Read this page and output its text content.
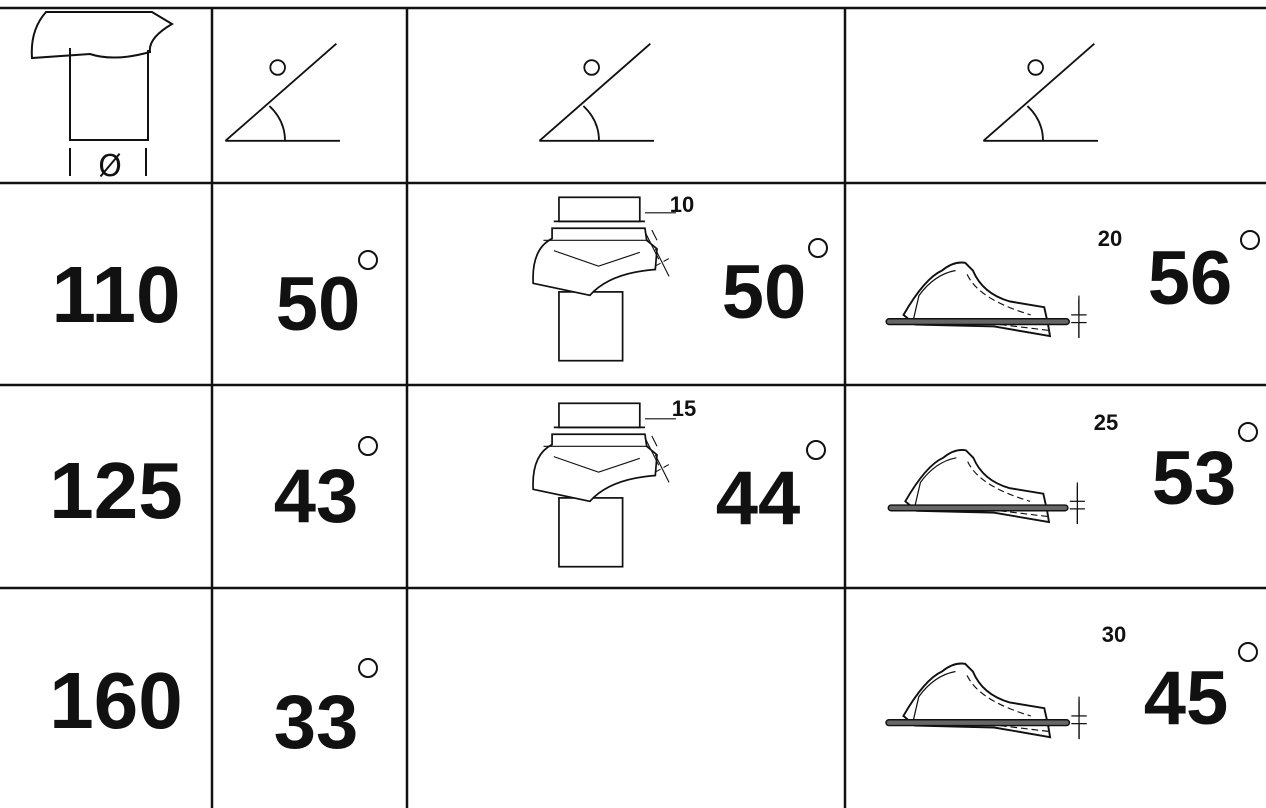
Ø
110 50
10
50
20 56
125 43
15
44
25
53
160 33
30
45
